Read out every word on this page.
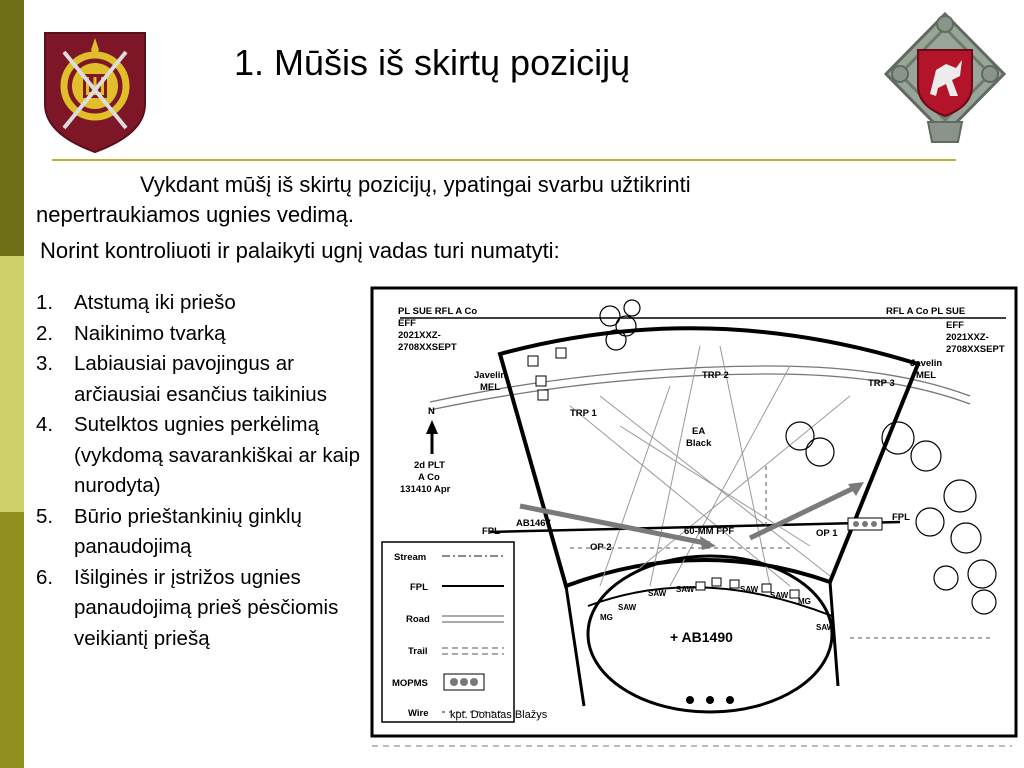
1. Mūšis iš skirtų pozicijų
Vykdant mūšį iš skirtų pozicijų, ypatingai svarbu užtikrinti
nepertraukiamos ugnies vedimą.
Norint kontroliuoti ir palaikyti ugnį vadas turi numatyti:
1.	Atstumą iki priešo
2.	Naikinimo tvarką
3.	Labiausiai pavojingus ar arčiausiai esančius taikinius
4.	Sutelktos ugnies perkėlimą (vykdomą savarankiškai ar kaip nurodyta)
5.	Būrio prieštankinių ginklų panaudojimą
6.	Išilginės ir įstrižos ugnies panaudojimą prieš pėsčiomis veikiantį priešą
PL SUE RFL A Co
EFF
2021XXZ-
2708XXSEPT
RFL A Co PL SUE
EFF
2021XXZ-
2708XXSEPT
Javelin
MEL
Javelin
MEL
TRP 1
TRP 2
TRP 3
EA
Black
N
2d PLT
A Co
131410 Apr
AB1467
FPL
FPL
60-MM FPF	OP 1
OP 2
MG
SAW
SAW SAW	SAW
SAW
MG
SAW
+ AB1490
Stream
FPL
Road
Trail
MOPMS
Wire kpt. Donatas Blažys
